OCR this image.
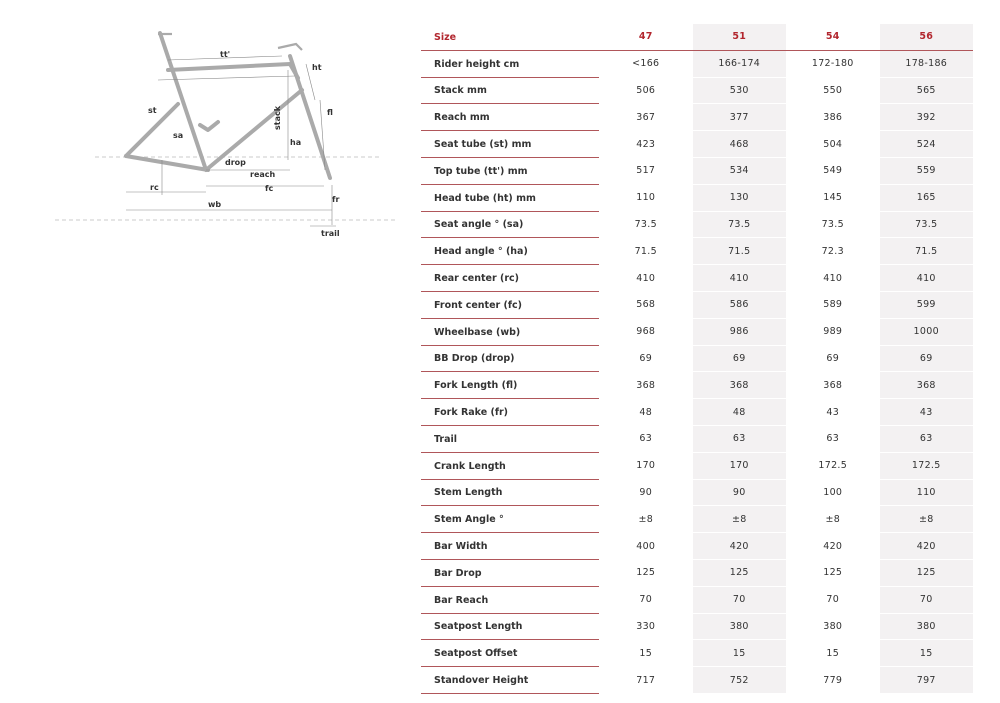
tt'
ht
st	fl
stack
sa
ha
drop
reach
rc	fc
wb
fr
trail
Size	47	51	54	56
Rider height cm	<166	166-174	172-180	178-186
Stack mm	506	530	550	565
Reach mm	367	377	386	392
Seat tube (st) mm	423	468	504	524
Top tube (tt') mm	517	534	549	559
Head tube (ht) mm	110	130	145	165
Seat angle ° (sa)	73.5	73.5	73.5	73.5
Head angle ° (ha)	71.5	71.5	72.3	71.5
Rear center (rc)	410	410	410	410
Front center (fc)	568	586	589	599
Wheelbase (wb)	968	986	989	1000
BB Drop (drop)	69	69	69	69
Fork Length (fl)	368	368	368	368
Fork Rake (fr)	48	48	43	43
Trail	63	63	63	63
Crank Length	170	170	172.5	172.5
Stem Length	90	90	100	110
Stem Angle °	±8	±8	±8	±8
Bar Width	400	420	420	420
Bar Drop	125	125	125	125
Bar Reach	70	70	70	70
Seatpost Length	330	380	380	380
Seatpost Offset	15	15	15	15
Standover Height	717	752	779	797
